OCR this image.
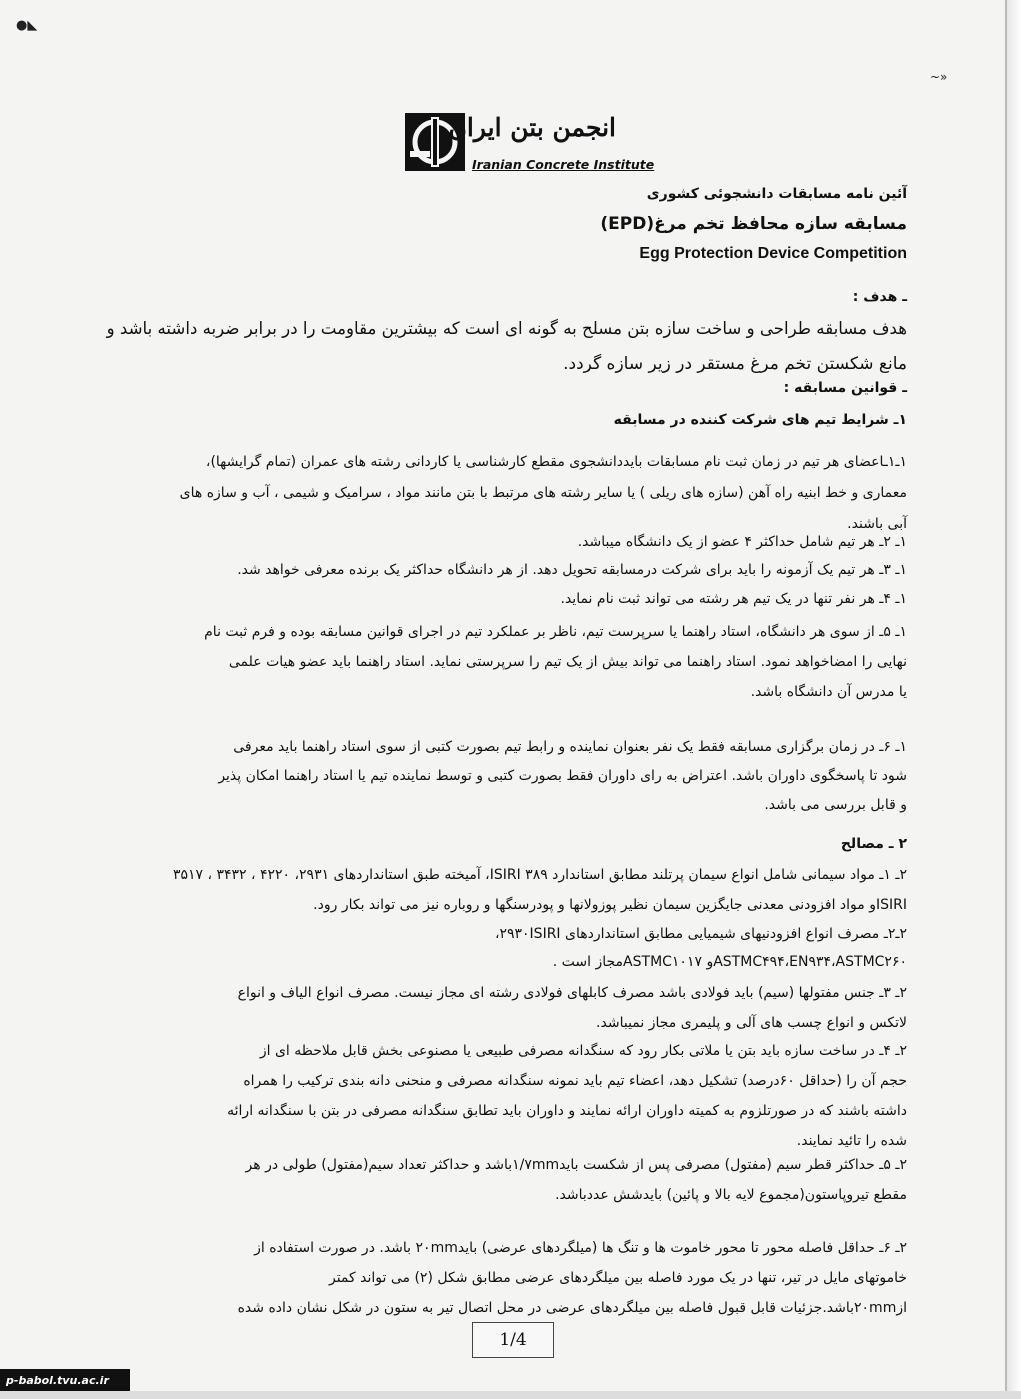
●◣
~»
انجمن بتن ایران
Iranian Concrete Institute
آئین نامه مسابقات دانشجوئی کشوری
مسابقه سازه محافظ تخم مرغ(EPD)
Egg Protection Device Competition
ـ هدف :
هدف مسابقه طراحی و ساخت سازه بتن مسلح به گونه ای است که بیشترین مقاومت را در برابر ضربه داشته باشد و
مانع شکستن تخم مرغ مستقر در زیر سازه گردد.
ـ قوانین مسابقه :
۱ـ شرایط تیم های شرکت کننده در مسابقه
۱ـ۱ـاعضای هر تیم در زمان ثبت نام مسابقات بایددانشجوی مقطع کارشناسی یا کاردانی رشته های عمران (تمام گرایشها)،
معماری و خط ابنیه راه آهن (سازه های ریلی ) یا سایر رشته های مرتبط با بتن مانند مواد ، سرامیک و شیمی ، آب و سازه های
آبی باشند.
۱ـ ۲ـ هر تیم شامل حداکثر ۴ عضو از یک دانشگاه میباشد.
۱ـ ۳ـ هر تیم یک آزمونه را باید برای شرکت درمسابقه تحویل دهد. از هر دانشگاه حداکثر یک برنده معرفی خواهد شد.
۱ـ ۴ـ هر نفر تنها در یک تیم هر رشته می تواند ثبت نام نماید.
۱ـ ۵ـ از سوی هر دانشگاه، استاد راهنما یا سرپرست تیم، ناظر بر عملکرد تیم در اجرای قوانین مسابقه بوده و فرم ثبت نام
نهایی را امضاخواهد نمود. استاد راهنما می تواند بیش از یک تیم را سرپرستی نماید. استاد راهنما باید عضو هیات علمی
یا مدرس آن دانشگاه باشد.
۱ـ ۶ـ در زمان برگزاری مسابقه فقط یک نفر بعنوان نماینده و رابط تیم بصورت کتبی از سوی استاد راهنما باید معرفی
شود تا پاسخگوی داوران باشد. اعتراض به رای داوران فقط بصورت کتبی و توسط نماینده تیم یا استاد راهنما امکان پذیر
و قابل بررسی می باشد.
۲ ـ مصالح
۲ـ ۱ـ مواد سیمانی شامل انواع سیمان پرتلند مطابق استاندارد ۳۸۹ ISIRI، آمیخته طبق استانداردهای ۲۹۳۱، ۴۲۲۰ ، ۳۴۳۲ ، ۳۵۱۷
ISIRIو مواد افزودنی معدنی جایگزین سیمان نظیر پوزولانها و پودرسنگها و روباره نیز می تواند بکار رود.
۲ـ۲ـ مصرف انواع افزودنیهای شیمیایی مطابق استانداردهای ۲۹۳۰ISIRI،
ASTMC۴۹۴،EN۹۳۴،ASTMC۲۶۰و ASTMC۱۰۱۷مجاز است .
۲ـ ۳ـ جنس مفتولها (سیم) باید فولادی باشد مصرف کابلهای فولادی رشته ای مجاز نیست. مصرف انواع الیاف و انواع
لاتکس و انواع چسب های آلی و پلیمری مجاز نمیباشد.
۲ـ ۴ـ در ساخت سازه باید بتن یا ملاتی بکار رود که سنگدانه مصرفی طبیعی یا مصنوعی بخش قابل ملاحظه ای از
حجم آن را (حداقل ۶۰درصد) تشکیل دهد، اعضاء تیم باید نمونه سنگدانه مصرفی و منحنی دانه بندی ترکیب را همراه
داشته باشند که در صورتلزوم به کمیته داوران ارائه نمایند و داوران باید تطابق سنگدانه مصرفی در بتن با سنگدانه ارائه
شده را تائید نمایند.
۲ـ ۵ـ حداکثر قطر سیم (مفتول) مصرفی پس از شکست باید۱/۷mmباشد و حداکثر تعداد سیم(مفتول) طولی در هر
مقطع تیروپاستون(مجموع لایه بالا و پائین) بایدشش عددباشد.
۲ـ ۶ـ حداقل فاصله محور تا محور خاموت ها و تنگ ها (میلگردهای عرضی) باید۲۰mm باشد. در صورت استفاده از
خاموتهای مایل در تیر، تنها در یک مورد فاصله بین میلگردهای عرضی مطابق شکل (۲) می تواند کمتر
از۲۰mmباشد.جزئیات قابل قبول فاصله بین میلگردهای عرضی در محل اتصال تیر به ستون در شکل نشان داده شده
1/4
p-babol.tvu.ac.ir
